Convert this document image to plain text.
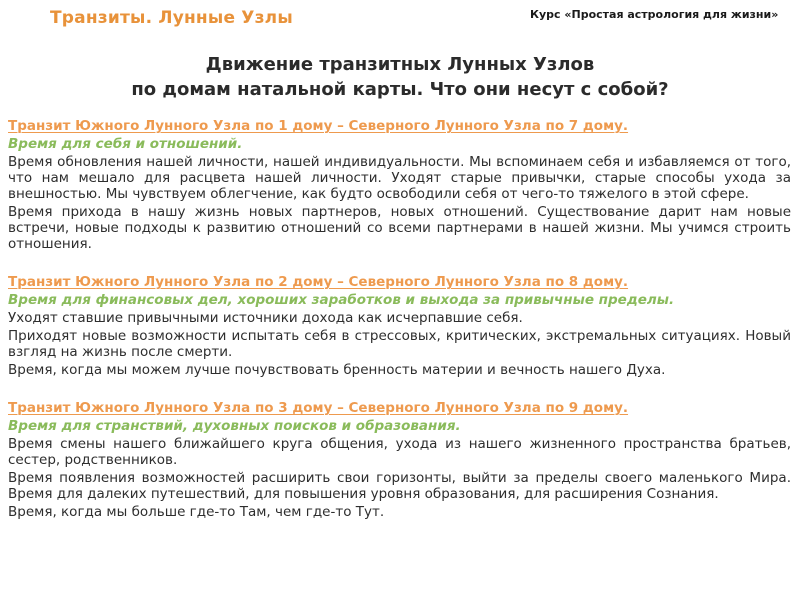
Транзиты. Лунные Узлы	Курс «Простая астрология для жизни»
Движение транзитных Лунных Узлов
по домам натальной карты. Что они несут с собой?
Транзит Южного Лунного Узла по 1 дому – Северного Лунного Узла по 7 дому.
Время для себя и отношений.

Время обновления нашей личности, нашей индивидуальности. Мы вспоминаем себя и избавляемся от того, что нам мешало для расцвета нашей личности. Уходят старые привычки, старые способы ухода за внешностью. Мы чувствуем облегчение, как будто освободили себя от чего-то тяжелого в этой сфере.

Время прихода в нашу жизнь новых партнеров, новых отношений. Существование дарит нам новые встречи, новые подходы к развитию отношений со всеми партнерами в нашей жизни. Мы учимся строить отношения.

Транзит Южного Лунного Узла по 2 дому – Северного Лунного Узла по 8 дому.
Время для финансовых дел, хороших заработков и выхода за привычные пределы.

Уходят ставшие привычными источники дохода как исчерпавшие себя.

Приходят новые возможности испытать себя в стрессовых, критических, экстремальных ситуациях. Новый взгляд на жизнь после смерти.

Время, когда мы можем лучше почувствовать бренность материи и вечность нашего Духа.

Транзит Южного Лунного Узла по 3 дому – Северного Лунного Узла по 9 дому.
Время для странствий, духовных поисков и образования.

Время смены нашего ближайшего круга общения, ухода из нашего жизненного пространства братьев, сестер, родственников.

Время появления возможностей расширить свои горизонты, выйти за пределы своего маленького Мира. Время для далеких путешествий, для повышения уровня образования, для расширения Сознания.

Время, когда мы больше где-то Там, чем где-то Тут.
